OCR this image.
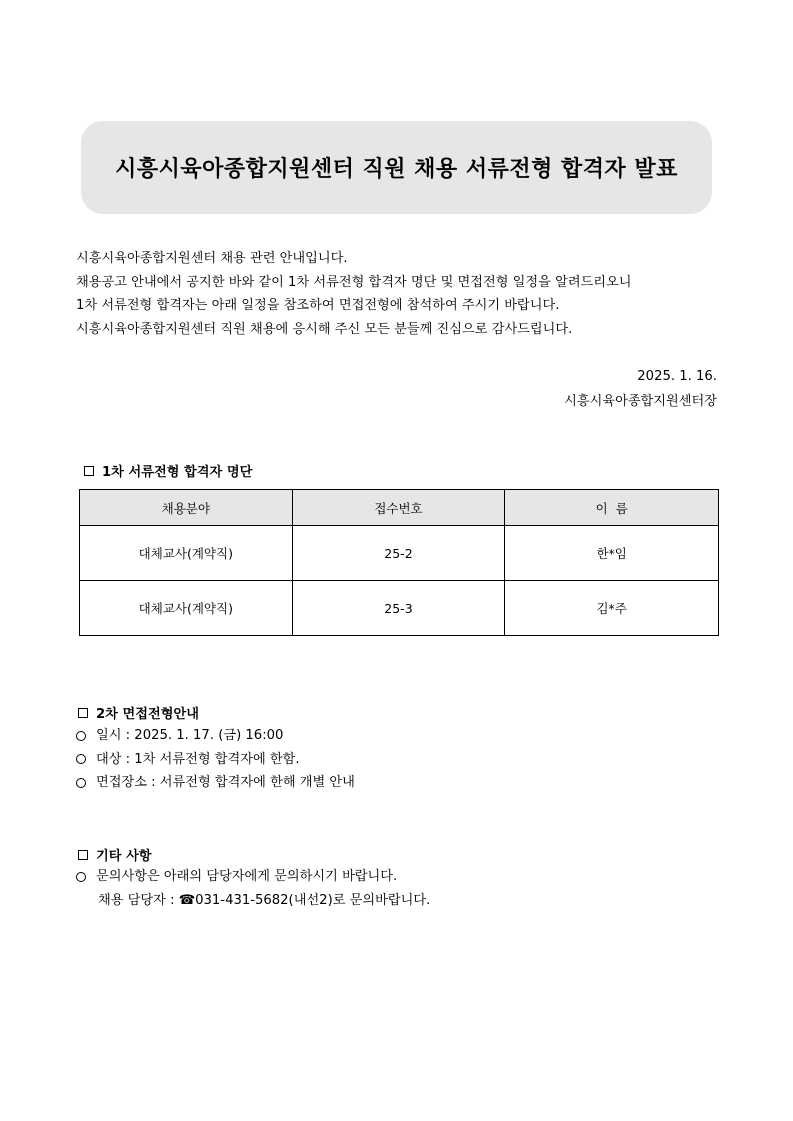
시흥시육아종합지원센터 직원 채용 서류전형 합격자 발표

시흥시육아종합지원센터 채용 관련 안내입니다.

채용공고 안내에서 공지한 바와 같이 1차 서류전형 합격자 명단 및 면접전형 일정을 알려드리오니

1차 서류전형 합격자는 아래 일정을 참조하여 면접전형에 참석하여 주시기 바랍니다.

시흥시육아종합지원센터 직원 채용에 응시해 주신 모든 분들께 진심으로 감사드립니다.

2025. 1. 16.
시흥시육아종합지원센터장
1차 서류전형 합격자 명단
채용분야	접수번호	이  름
대체교사(계약직)	25-2	한*임
대체교사(계약직)	25-3	김*주
2차 면접전형안내
일시 : 2025. 1. 17. (금) 16:00
대상 : 1차 서류전형 합격자에 한함.
면접장소 : 서류전형 합격자에 한해 개별 안내
기타 사항
문의사항은 아래의 담당자에게 문의하시기 바랍니다.
채용 담당자 : ☎031-431-5682(내선2)로 문의바랍니다.
